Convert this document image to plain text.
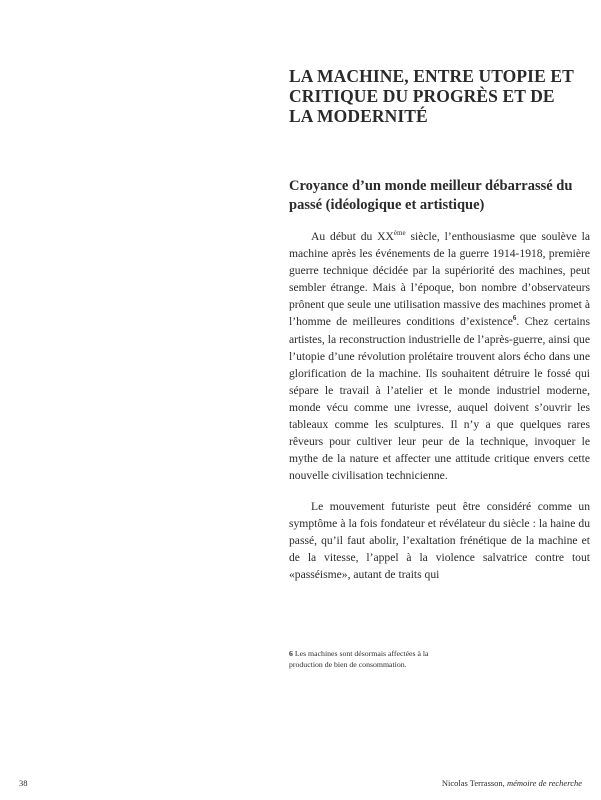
LA MACHINE, ENTRE UTOPIE ET CRITIQUE DU PROGRÈS ET DE LA MODERNITÉ
Croyance d’un monde meilleur débarrassé du passé (idéologique et artistique)

Au début du XXème siècle, l’enthousiasme que soulève la machine après les événements de la guerre 1914-1918, première guerre technique décidée par la supériorité des machines, peut sembler étrange. Mais à l’époque, bon nombre d’observateurs prônent que seule une utilisation massive des machines promet à l’homme de meilleures conditions d’existence$^6$. Chez certains artistes, la reconstruction industrielle de l’après-guerre, ainsi que l’utopie d’une révolution prolétaire trouvent alors écho dans une glorification de la machine. Ils souhaitent détruire le fossé qui sépare le travail à l’atelier et le monde industriel moderne, monde vécu comme une ivresse, auquel doivent s’ouvrir les tableaux comme les sculptures. Il n’y a que quelques rares rêveurs pour cultiver leur peur de la technique, invoquer le mythe de la nature et affecter une attitude critique envers cette nouvelle civilisation technicienne.

Le mouvement futuriste peut être considéré comme un symptôme à la fois fondateur et révélateur du siècle : la haine du passé, qu’il faut abolir, l’exaltation frénétique de la machine et de la vitesse, l’appel à la violence salvatrice contre tout «passéisme», autant de traits qui

6 Les machines sont désormais affectées à la production de bien de consommation.

38	Nicolas Terrasson, mémoire de recherche
